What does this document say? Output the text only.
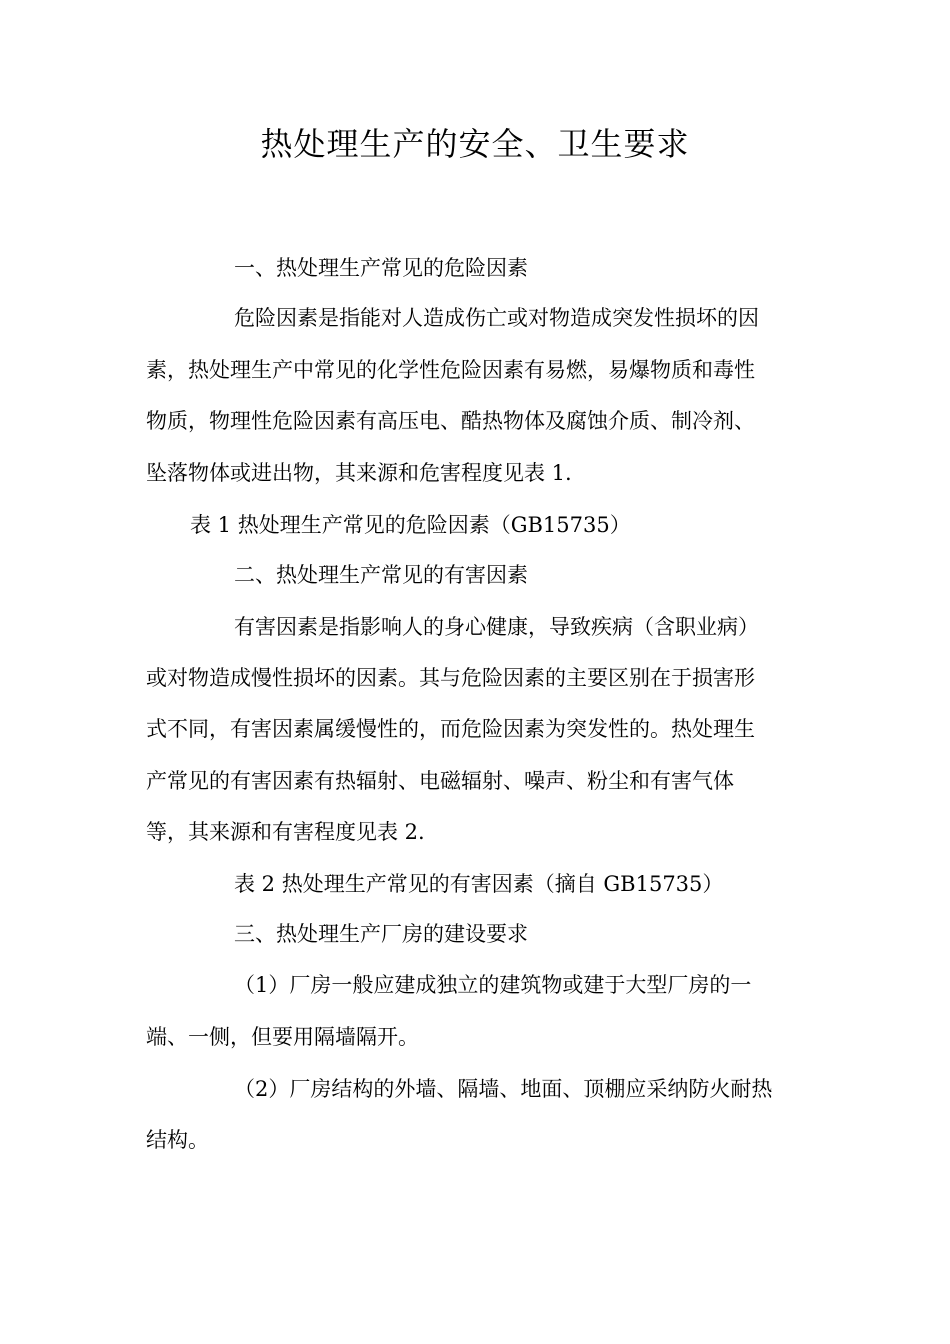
热处理生产的安全、卫生要求
一、热处理生产常见的危险因素
危险因素是指能对人造成伤亡或对物造成突发性损坏的因
素，热处理生产中常见的化学性危险因素有易燃，易爆物质和毒性
物质，物理性危险因素有高压电、酷热物体及腐蚀介质、制冷剂、
坠落物体或进出物，其来源和危害程度见表 1.
表 1 热处理生产常见的危险因素（GB15735）
二、热处理生产常见的有害因素
有害因素是指影响人的身心健康，导致疾病（含职业病）
或对物造成慢性损坏的因素。其与危险因素的主要区别在于损害形
式不同，有害因素属缓慢性的，而危险因素为突发性的。热处理生
产常见的有害因素有热辐射、电磁辐射、噪声、粉尘和有害气体
等，其来源和有害程度见表 2.
表 2 热处理生产常见的有害因素（摘自 GB15735）
三、热处理生产厂房的建设要求
（1）厂房一般应建成独立的建筑物或建于大型厂房的一
端、一侧，但要用隔墙隔开。
（2）厂房结构的外墙、隔墙、地面、顶棚应采纳防火耐热
结构。
